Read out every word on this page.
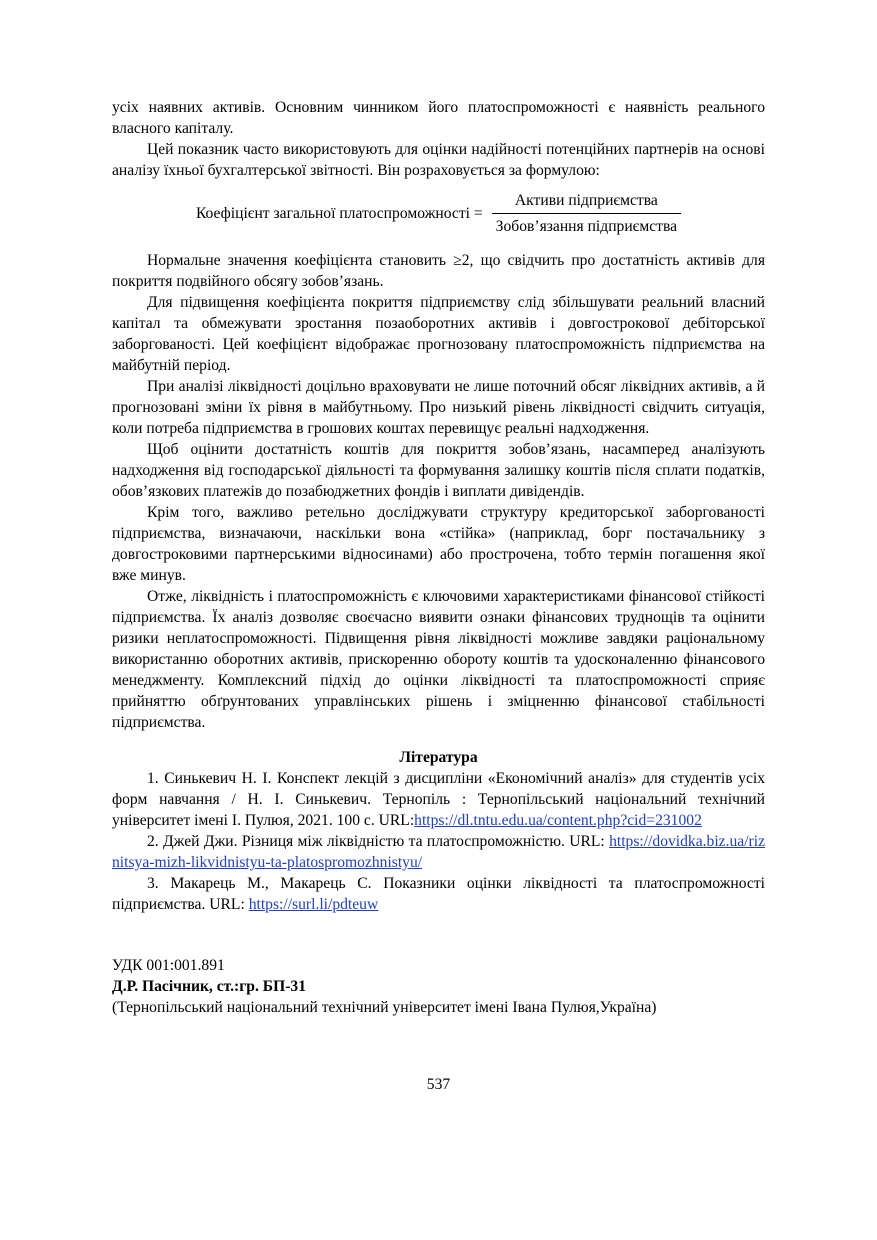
усіх наявних активів. Основним чинником його платоспроможності є наявність реального власного капіталу.

Цей показник часто використовують для оцінки надійності потенційних партнерів на основі аналізу їхньої бухгалтерської звітності. Він розраховується за формулою:

Коефіцієнт загальної платоспроможності = $\frac{\text{Активи підприємства}}{\text{Зобов’язання підприємства}}$

Нормальне значення коефіцієнта становить ≥2, що свідчить про достатність активів для покриття подвійного обсягу зобов’язань.

Для підвищення коефіцієнта покриття підприємству слід збільшувати реальний власний капітал та обмежувати зростання позаоборотних активів і довгострокової дебіторської заборгованості. Цей коефіцієнт відображає прогнозовану платоспроможність підприємства на майбутній період.

При аналізі ліквідності доцільно враховувати не лише поточний обсяг ліквідних активів, а й прогнозовані зміни їх рівня в майбутньому. Про низький рівень ліквідності свідчить ситуація, коли потреба підприємства в грошових коштах перевищує реальні надходження.

Щоб оцінити достатність коштів для покриття зобов’язань, насамперед аналізують надходження від господарської діяльності та формування залишку коштів після сплати податків, обов’язкових платежів до позабюджетних фондів і виплати дивідендів.

Крім того, важливо ретельно досліджувати структуру кредиторської заборгованості підприємства, визначаючи, наскільки вона «стійка» (наприклад, борг постачальнику з довгостроковими партнерськими відносинами) або прострочена, тобто термін погашення якої вже минув.

Отже, ліквідність і платоспроможність є ключовими характеристиками фінансової стійкості підприємства. Їх аналіз дозволяє своєчасно виявити ознаки фінансових труднощів та оцінити ризики неплатоспроможності. Підвищення рівня ліквідності можливе завдяки раціональному використанню оборотних активів, прискоренню обороту коштів та удосконаленню фінансового менеджменту. Комплексний підхід до оцінки ліквідності та платоспроможності сприяє прийняттю обґрунтованих управлінських рішень і зміцненню фінансової стабільності підприємства.

Література

1. Синькевич Н. І. Конспект лекцій з дисципліни «Економічний аналіз» для студентів усіх форм навчання / Н. І. Синькевич. Тернопіль : Тернопільський національний технічний університет імені І. Пулюя, 2021. 100 с. URL:https://dl.tntu.edu.ua/content.php?cid=231002

2. Джей Джи. Різниця між ліквідністю та платоспроможністю. URL: https://dovidka.biz.ua/riznitsya-mizh-likvidnistyu-ta-platospromozhnistyu/

3. Макарець М., Макарець С. Показники оцінки ліквідності та платоспроможності підприємства. URL: https://surl.li/pdteuw

УДК 001:001.891

Д.Р. Пасічник, ст.:гр. БП-31

(Тернопільський національний технічний університет імені Івана Пулюя,Україна)

537
